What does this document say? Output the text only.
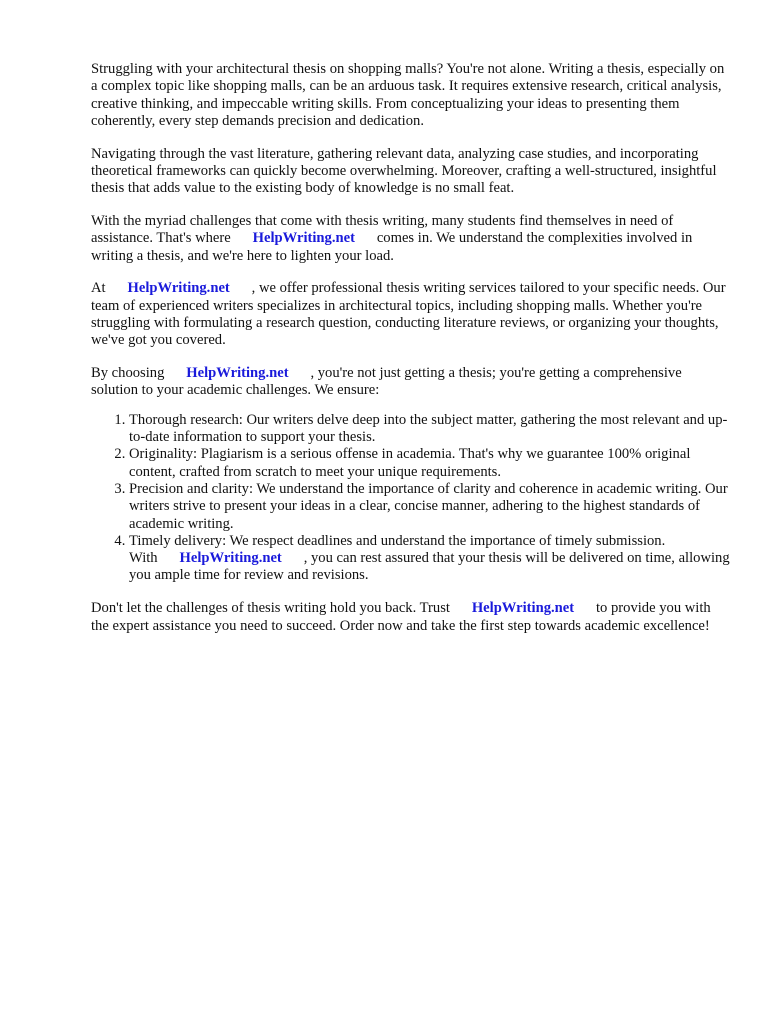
Struggling with your architectural thesis on shopping malls? You're not alone. Writing a thesis, especially on a complex topic like shopping malls, can be an arduous task. It requires extensive research, critical analysis, creative thinking, and impeccable writing skills. From conceptualizing your ideas to presenting them coherently, every step demands precision and dedication.

Navigating through the vast literature, gathering relevant data, analyzing case studies, and incorporating theoretical frameworks can quickly become overwhelming. Moreover, crafting a well-structured, insightful thesis that adds value to the existing body of knowledge is no small feat.

With the myriad challenges that come with thesis writing, many students find themselves in need of assistance. That's where HelpWriting.net comes in. We understand the complexities involved in writing a thesis, and we're here to lighten your load.

At HelpWriting.net , we offer professional thesis writing services tailored to your specific needs. Our team of experienced writers specializes in architectural topics, including shopping malls. Whether you're struggling with formulating a research question, conducting literature reviews, or organizing your thoughts, we've got you covered.

By choosing HelpWriting.net , you're not just getting a thesis; you're getting a comprehensive solution to your academic challenges. We ensure:

1. Thorough research: Our writers delve deep into the subject matter, gathering the most relevant and up-to-date information to support your thesis.
2. Originality: Plagiarism is a serious offense in academia. That's why we guarantee 100% original content, crafted from scratch to meet your unique requirements.
3. Precision and clarity: We understand the importance of clarity and coherence in academic writing. Our writers strive to present your ideas in a clear, concise manner, adhering to the highest standards of academic writing.
4. Timely delivery: We respect deadlines and understand the importance of timely submission. With HelpWriting.net , you can rest assured that your thesis will be delivered on time, allowing you ample time for review and revisions.

Don't let the challenges of thesis writing hold you back. Trust HelpWriting.net to provide you with the expert assistance you need to succeed. Order now and take the first step towards academic excellence!
